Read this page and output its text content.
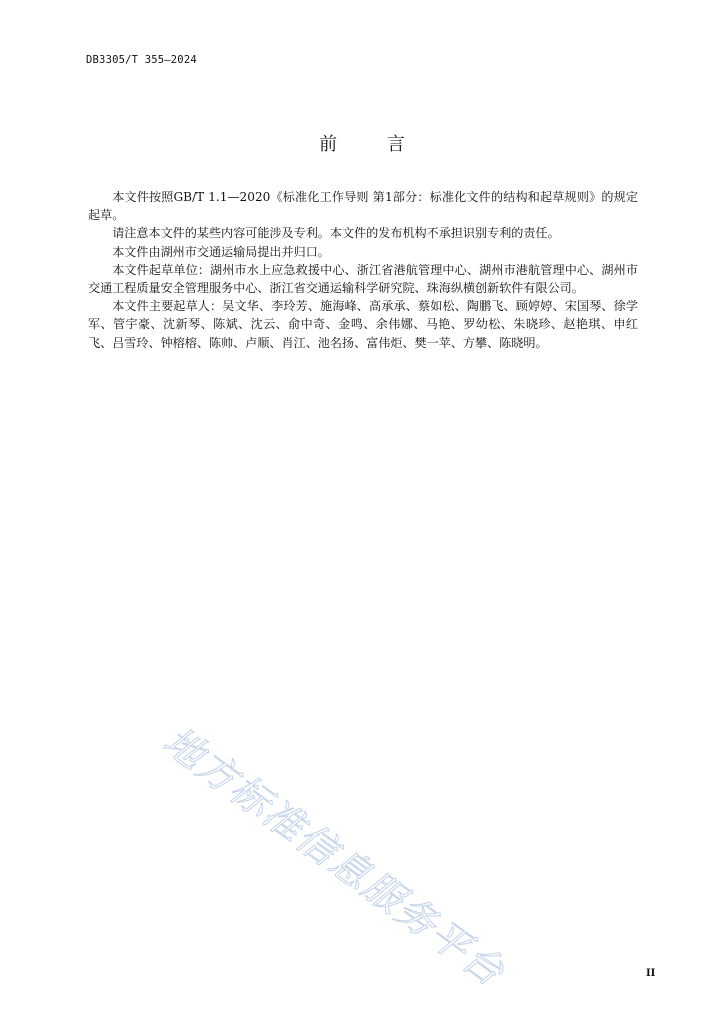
DB3305/T 355—2024
前 言

本文件按照GB/T 1.1—2020《标准化工作导则 第1部分：标准化文件的结构和起草规则》的规定起草。

请注意本文件的某些内容可能涉及专利。本文件的发布机构不承担识别专利的责任。

本文件由湖州市交通运输局提出并归口。

本文件起草单位：湖州市水上应急救援中心、浙江省港航管理中心、湖州市港航管理中心、湖州市交通工程质量安全管理服务中心、浙江省交通运输科学研究院、珠海纵横创新软件有限公司。

本文件主要起草人：吴文华、李玲芳、施海峰、高承承、蔡如松、陶鹏飞、顾婷婷、宋国琴、徐学军、管宇豪、沈新琴、陈斌、沈云、俞中奇、金鸣、余伟娜、马艳、罗幼松、朱晓珍、赵艳琪、申红飞、吕雪玲、钟榕榕、陈帅、卢顺、肖江、池名扬、富伟炬、樊一苹、方攀、陈晓明。

地方标准信息服务平台	II
